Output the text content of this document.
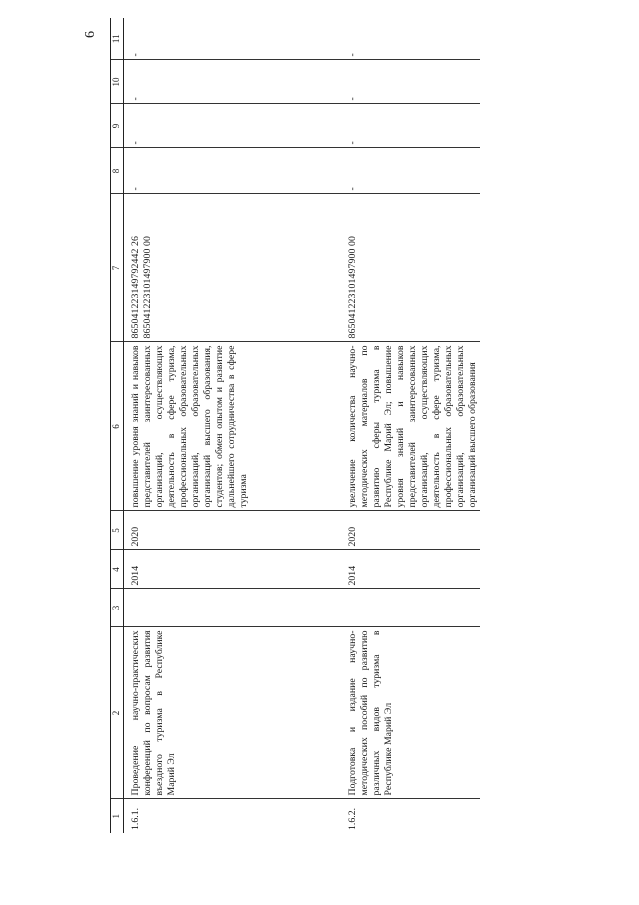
6
1	2	3	4	5	6	7	8	9	10	11
1.6.1.	Проведение научно-практических конференций по вопросам развития въездного туризма в Республике Марий Эл		2014	2020	повышение уровня знаний и навыков представителей заинтересованных организаций, осуществляющих деятельность в сфере туризма, профессиональных образовательных организаций, образовательных организаций высшего образования, студентов; обмен опытом и развитие дальнейшего сотрудничества в сфере туризма	865041223149792442 26 865041223101497900 00	-	-	-	-
1.6.2.	Подготовка и издание научно-методических пособий по развитию различных видов туризма в Республике Марий Эл		2014	2020	увеличение количества научно-методических материалов по развитию сферы туризма в Республике Марий Эл; повышение уровня знаний и навыков представителей заинтересованных организаций, осуществляющих деятельность в сфере туризма, профессиональных образовательных организаций, образовательных организаций высшего образования	865041223101497900 00	-	-	-	-
